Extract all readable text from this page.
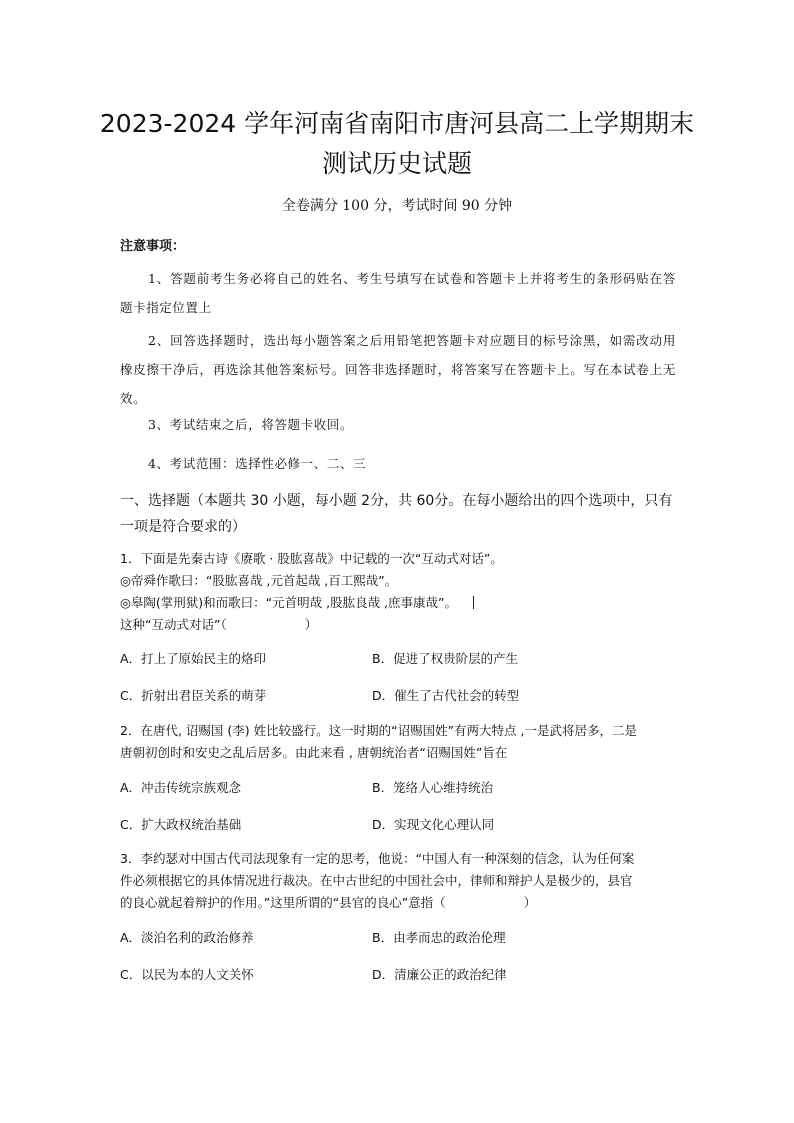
2023-2024 学年河南省南阳市唐河县高二上学期期末
测试历史试题
全卷满分 100 分，考试时间 90 分钟
注意事项：
1、答题前考生务必将自己的姓名、考生号填写在试卷和答题卡上并将考生的条形码贴在答题卡指定位置上
2、回答选择题时，选出每小题答案之后用铅笔把答题卡对应题目的标号涂黑，如需改动用橡皮擦干净后，再选涂其他答案标号。回答非选择题时，将答案写在答题卡上。写在本试卷上无效。
3、考试结束之后，将答题卡收回。
4、考试范围：选择性必修一、二、三
一、选择题（本题共 30 小题，每小题 2分，共 60分。在每小题给出的四个选项中，只有一项是符合要求的）
1．下面是先秦古诗《赓歌 · 股肱喜哉》中记载的一次“互动式对话”。
◎帝舜作歌曰：“股肱喜哉 ,元首起哉 ,百工熙哉”。
◎皋陶(掌刑狱)和而歌曰：“元首明哉 ,股肱良哉 ,庶事康哉”。
这种“互动式对话”（	）
A．打上了原始民主的烙印	B．促进了权贵阶层的产生
C．折射出君臣关系的萌芽	D．催生了古代社会的转型
2．在唐代, 诏赐国 (李) 姓比较盛行。这一时期的“诏赐国姓”有两大特点 ,一是武将居多，二是
唐朝初创时和安史之乱后居多。由此来看 , 唐朝统治者“诏赐国姓”旨在
A．冲击传统宗族观念	B．笼络人心维持统治
C．扩大政权统治基础	D．实现文化心理认同
3．李约瑟对中国古代司法现象有一定的思考，他说：“中国人有一种深刻的信念，认为任何案
件必须根据它的具体情况进行裁决。在中古世纪的中国社会中，律师和辩护人是极少的，县官
的良心就起着辩护的作用。”这里所谓的“县官的良心”意指（	）
A．淡泊名利的政治修养	B．由孝而忠的政治伦理
C．以民为本的人文关怀	D．清廉公正的政治纪律
